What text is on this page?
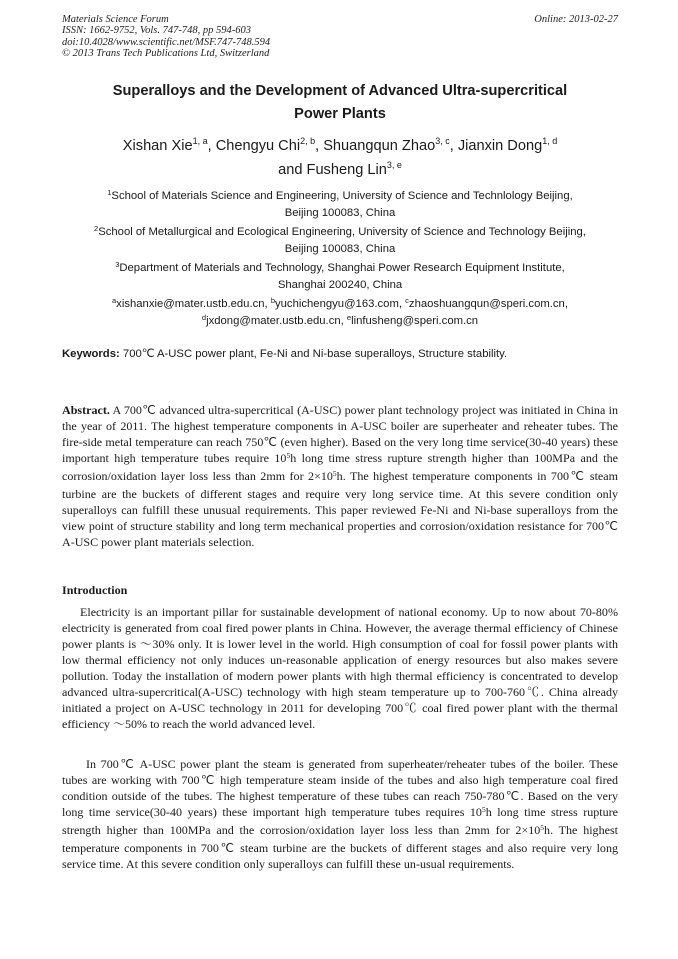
Materials Science Forum
ISSN: 1662-9752, Vols. 747-748, pp 594-603
doi:10.4028/www.scientific.net/MSF.747-748.594
© 2013 Trans Tech Publications Ltd, Switzerland
Online: 2013-02-27
Superalloys and the Development of Advanced Ultra-supercritical
Power Plants
Xishan Xie$^{1, a}$, Chengyu Chi$^{2, b}$, Shuangqun Zhao$^{3, c}$, Jianxin Dong$^{1, d}$
and Fusheng Lin$^{3, e}$
$^1$School of Materials Science and Engineering, University of Science and Technlology Beijing,
Beijing 100083, China
$^2$School of Metallurgical and Ecological Engineering, University of Science and Technology Beijing,
Beijing 100083, China
$^3$Department of Materials and Technology, Shanghai Power Research Equipment Institute,
Shanghai 200240, China
$^a$xishanxie@mater.ustb.edu.cn, $^b$yuchichengyu@163.com, $^c$zhaoshuangqun@speri.com.cn,
$^d$jxdong@mater.ustb.edu.cn, $^e$linfusheng@speri.com.cn
Keywords: 700℃ A-USC power plant, Fe-Ni and Ni-base superalloys, Structure stability.
Abstract. A 700℃ advanced ultra-supercritical (A-USC) power plant technology project was initiated in China in the year of 2011. The highest temperature components in A-USC boiler are superheater and reheater tubes. The fire-side metal temperature can reach 750℃ (even higher). Based on the very long time service(30-40 years) these important high temperature tubes require $10^5h$ long time stress rupture strength higher than 100MPa and the corrosion/oxidation layer loss less than 2mm for $2\times 10^5h$. The highest temperature components in 700℃ steam turbine are the buckets of different stages and require very long service time. At this severe condition only superalloys can fulfill these unusual requirements. This paper reviewed Fe-Ni and Ni-base superalloys from the view point of structure stability and long term mechanical properties and corrosion/oxidation resistance for 700℃ A-USC power plant materials selection.
Introduction
Electricity is an important pillar for sustainable development of national economy. Up to now about 70-80% electricity is generated from coal fired power plants in China. However, the average thermal efficiency of Chinese power plants is ～30% only. It is lower level in the world. High consumption of coal for fossil power plants with low thermal efficiency not only induces un-reasonable application of energy resources but also makes severe pollution. Today the installation of modern power plants with high thermal efficiency is concentrated to develop advanced ultra-supercritical(A-USC) technology with high steam temperature up to 700-760℃. China already initiated a project on A-USC technology in 2011 for developing 700℃ coal fired power plant with the thermal efficiency ～50% to reach the world advanced level.
In 700℃ A-USC power plant the steam is generated from superheater/reheater tubes of the boiler. These tubes are working with 700℃ high temperature steam inside of the tubes and also high temperature coal fired condition outside of the tubes. The highest temperature of these tubes can reach 750-780℃. Based on the very long time service(30-40 years) these important high temperature tubes requires $10^5h$ long time stress rupture strength higher than 100MPa and the corrosion/oxidation layer loss less than 2mm for $2\times 10^5h$. The highest temperature components in 700℃ steam turbine are the buckets of different stages and also require very long service time. At this severe condition only superalloys can fulfill these un-usual requirements.
